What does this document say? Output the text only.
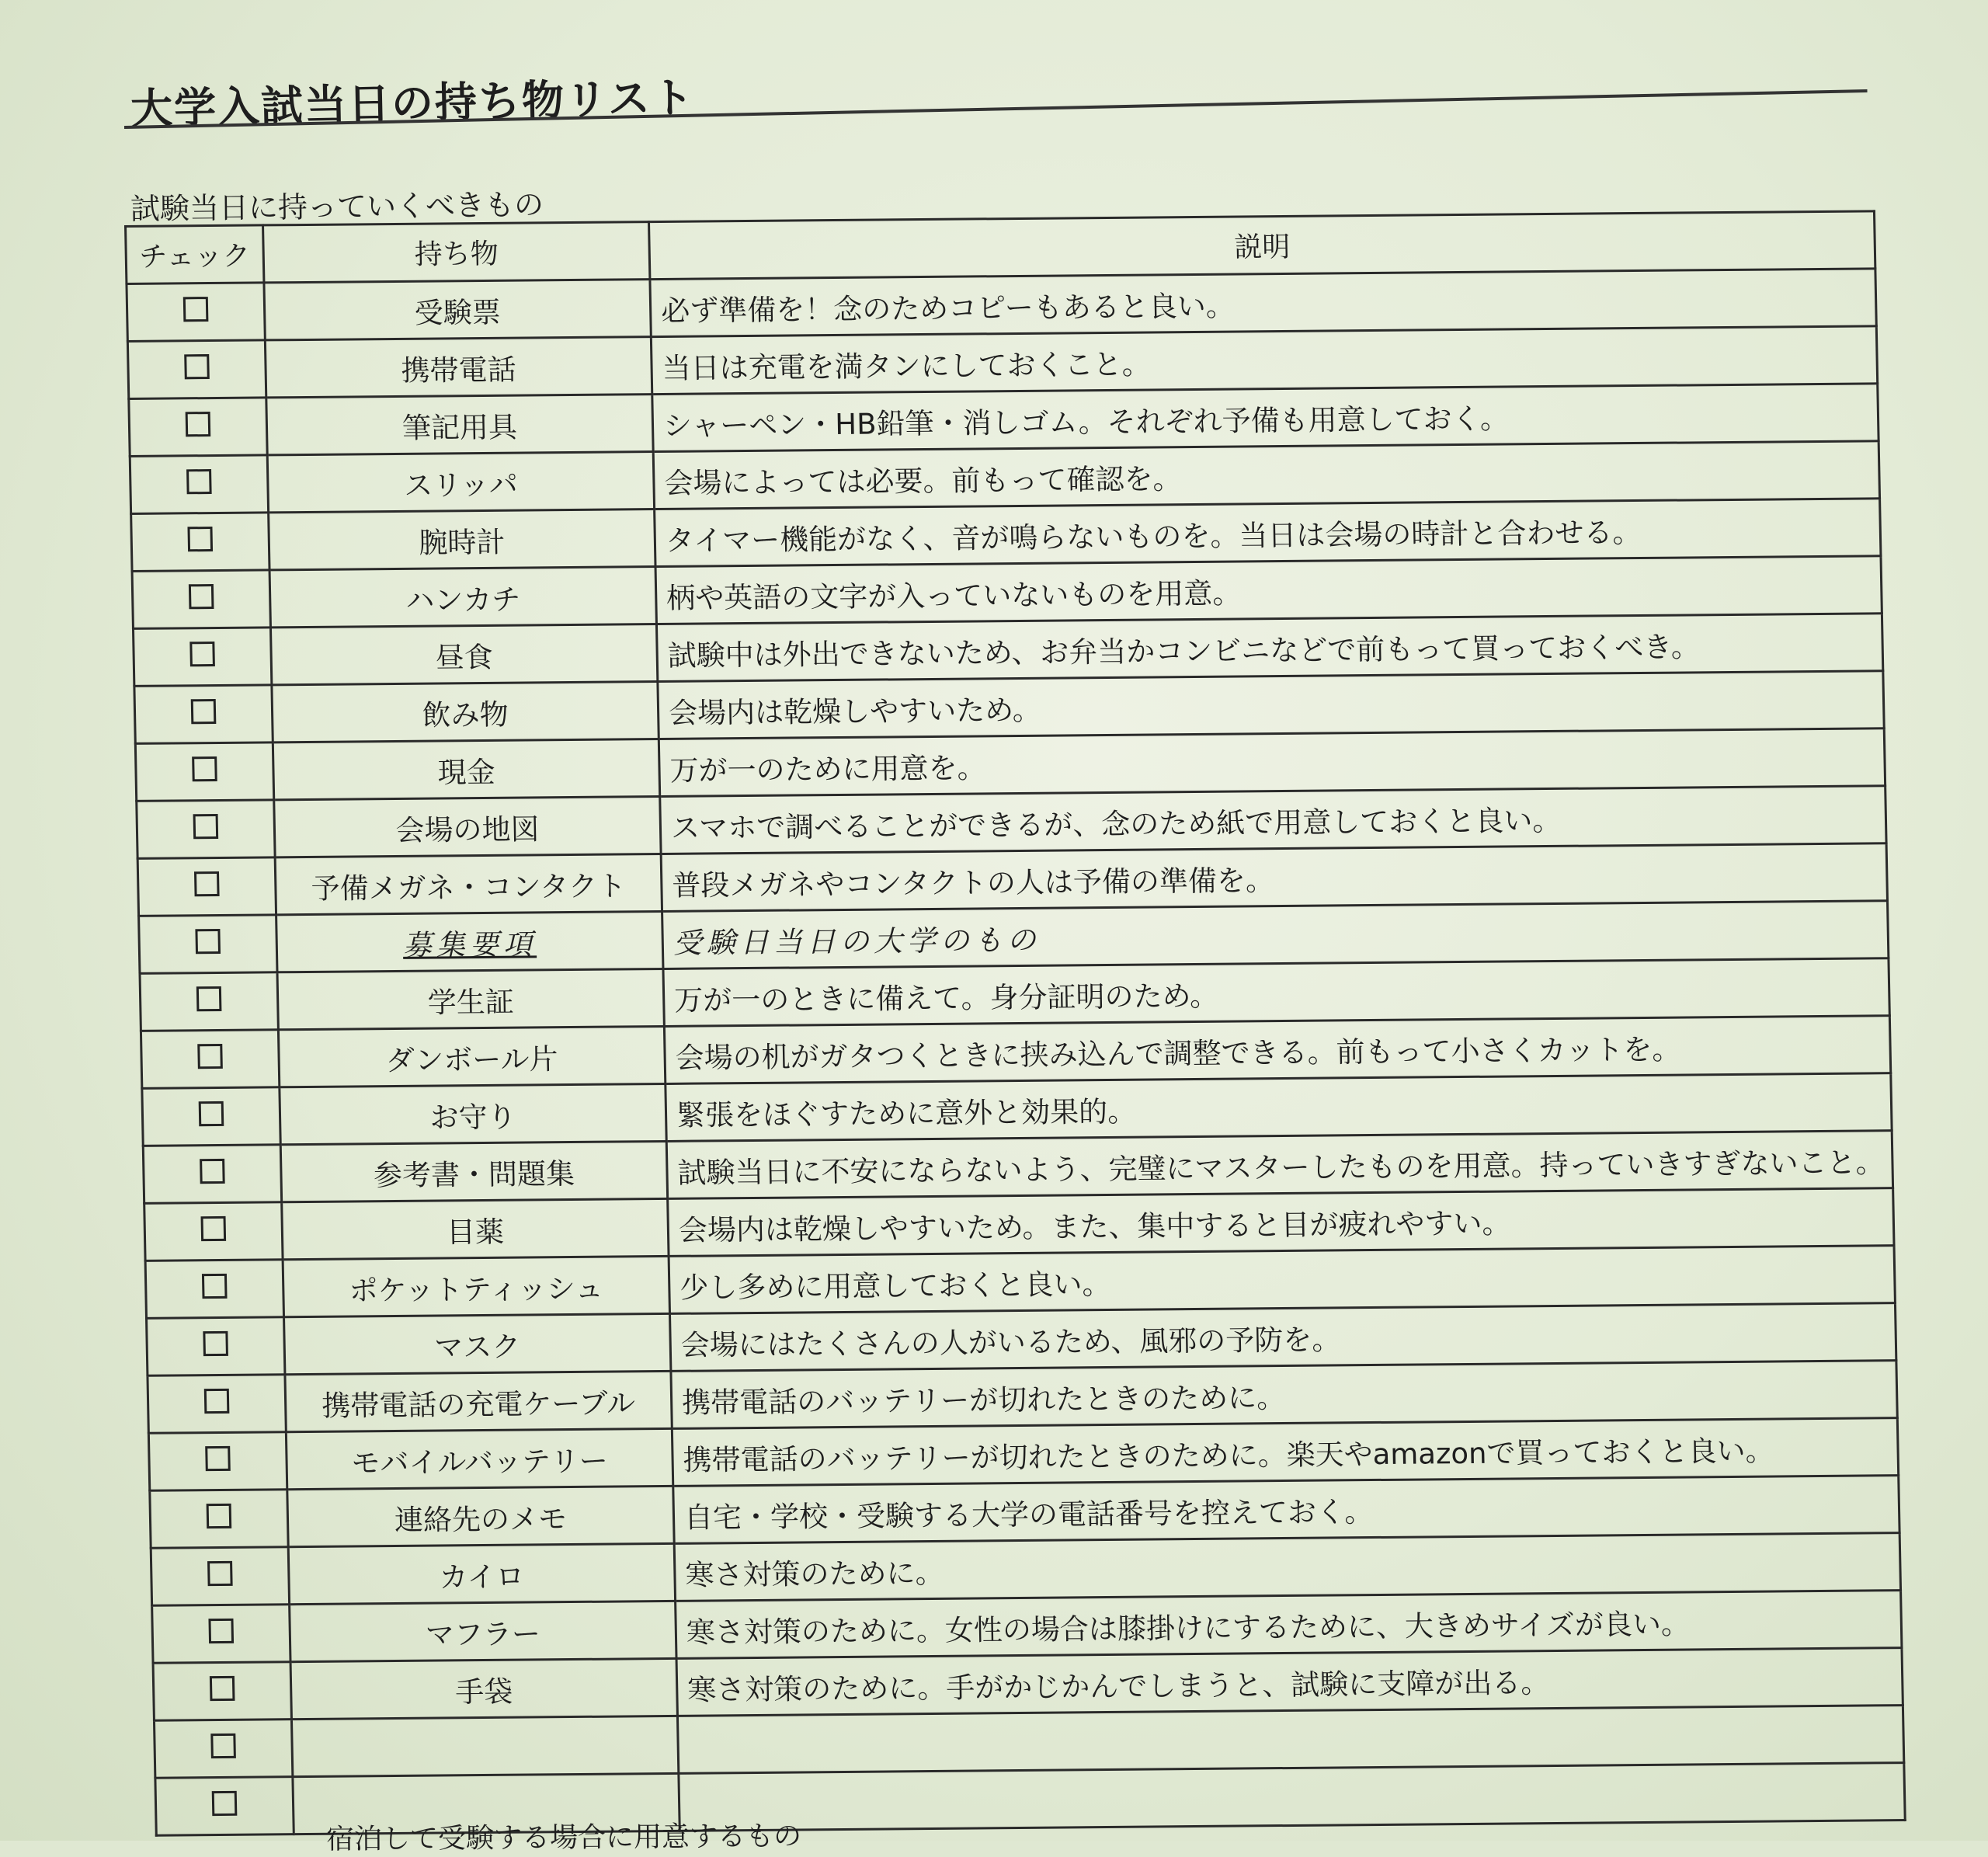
大学入試当日の持ち物リスト
試験当日に持っていくべきもの
チェック	持ち物	説明
	受験票	必ず準備を！念のためコピーもあると良い。
	携帯電話	当日は充電を満タンにしておくこと。
	筆記用具	シャーペン・HB鉛筆・消しゴム。それぞれ予備も用意しておく。
	スリッパ	会場によっては必要。前もって確認を。
	腕時計	タイマー機能がなく、音が鳴らないものを。当日は会場の時計と合わせる。
	ハンカチ	柄や英語の文字が入っていないものを用意。
	昼食	試験中は外出できないため、お弁当かコンビニなどで前もって買っておくべき。
	飲み物	会場内は乾燥しやすいため。
	現金	万が一のために用意を。
	会場の地図	スマホで調べることができるが、念のため紙で用意しておくと良い。
	予備メガネ・コンタクト	普段メガネやコンタクトの人は予備の準備を。
	募集要項	受験日当日の大学のもの
	学生証	万が一のときに備えて。身分証明のため。
	ダンボール片	会場の机がガタつくときに挟み込んで調整できる。前もって小さくカットを。
	お守り	緊張をほぐすために意外と効果的。
	参考書・問題集	試験当日に不安にならないよう、完璧にマスターしたものを用意。持っていきすぎないこと。
	目薬	会場内は乾燥しやすいため。また、集中すると目が疲れやすい。
	ポケットティッシュ	少し多めに用意しておくと良い。
	マスク	会場にはたくさんの人がいるため、風邪の予防を。
	携帯電話の充電ケーブル	携帯電話のバッテリーが切れたときのために。
	モバイルバッテリー	携帯電話のバッテリーが切れたときのために。楽天やamazonで買っておくと良い。
	連絡先のメモ	自宅・学校・受験する大学の電話番号を控えておく。
	カイロ	寒さ対策のために。
	マフラー	寒さ対策のために。女性の場合は膝掛けにするために、大きめサイズが良い。
	手袋	寒さ対策のために。手がかじかんでしまうと、試験に支障が出る。

宿泊して受験する場合に用意するもの
